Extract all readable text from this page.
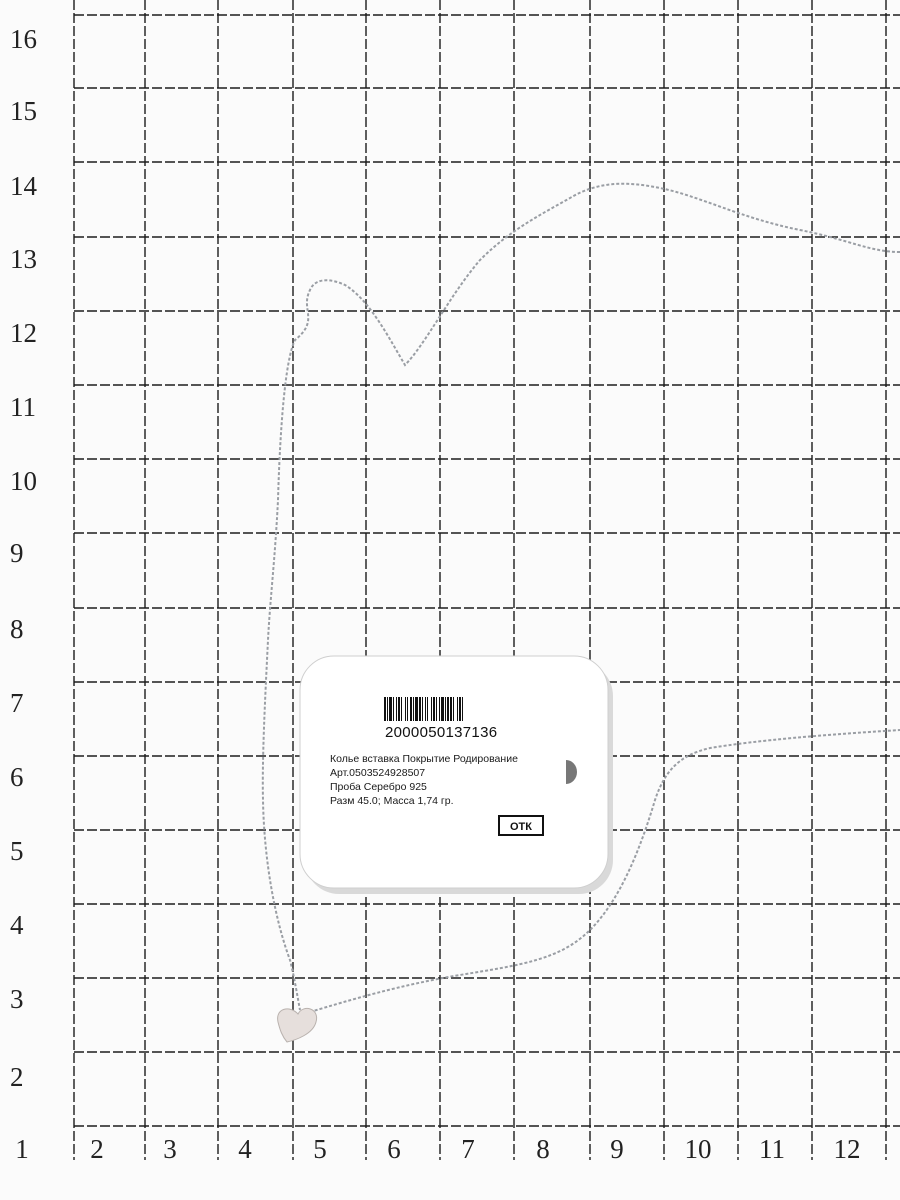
2000050137136
Колье вставка Покрытие Родирование
Арт.0503524928507
Проба Серебро 925
Разм 45.0; Масса 1,74 гр.
ОТК
16
15
14
13
12
11
10
9
8
7
6
5
4
3
2
1 2 3 4 5 6 7 8 9 10 11 12
